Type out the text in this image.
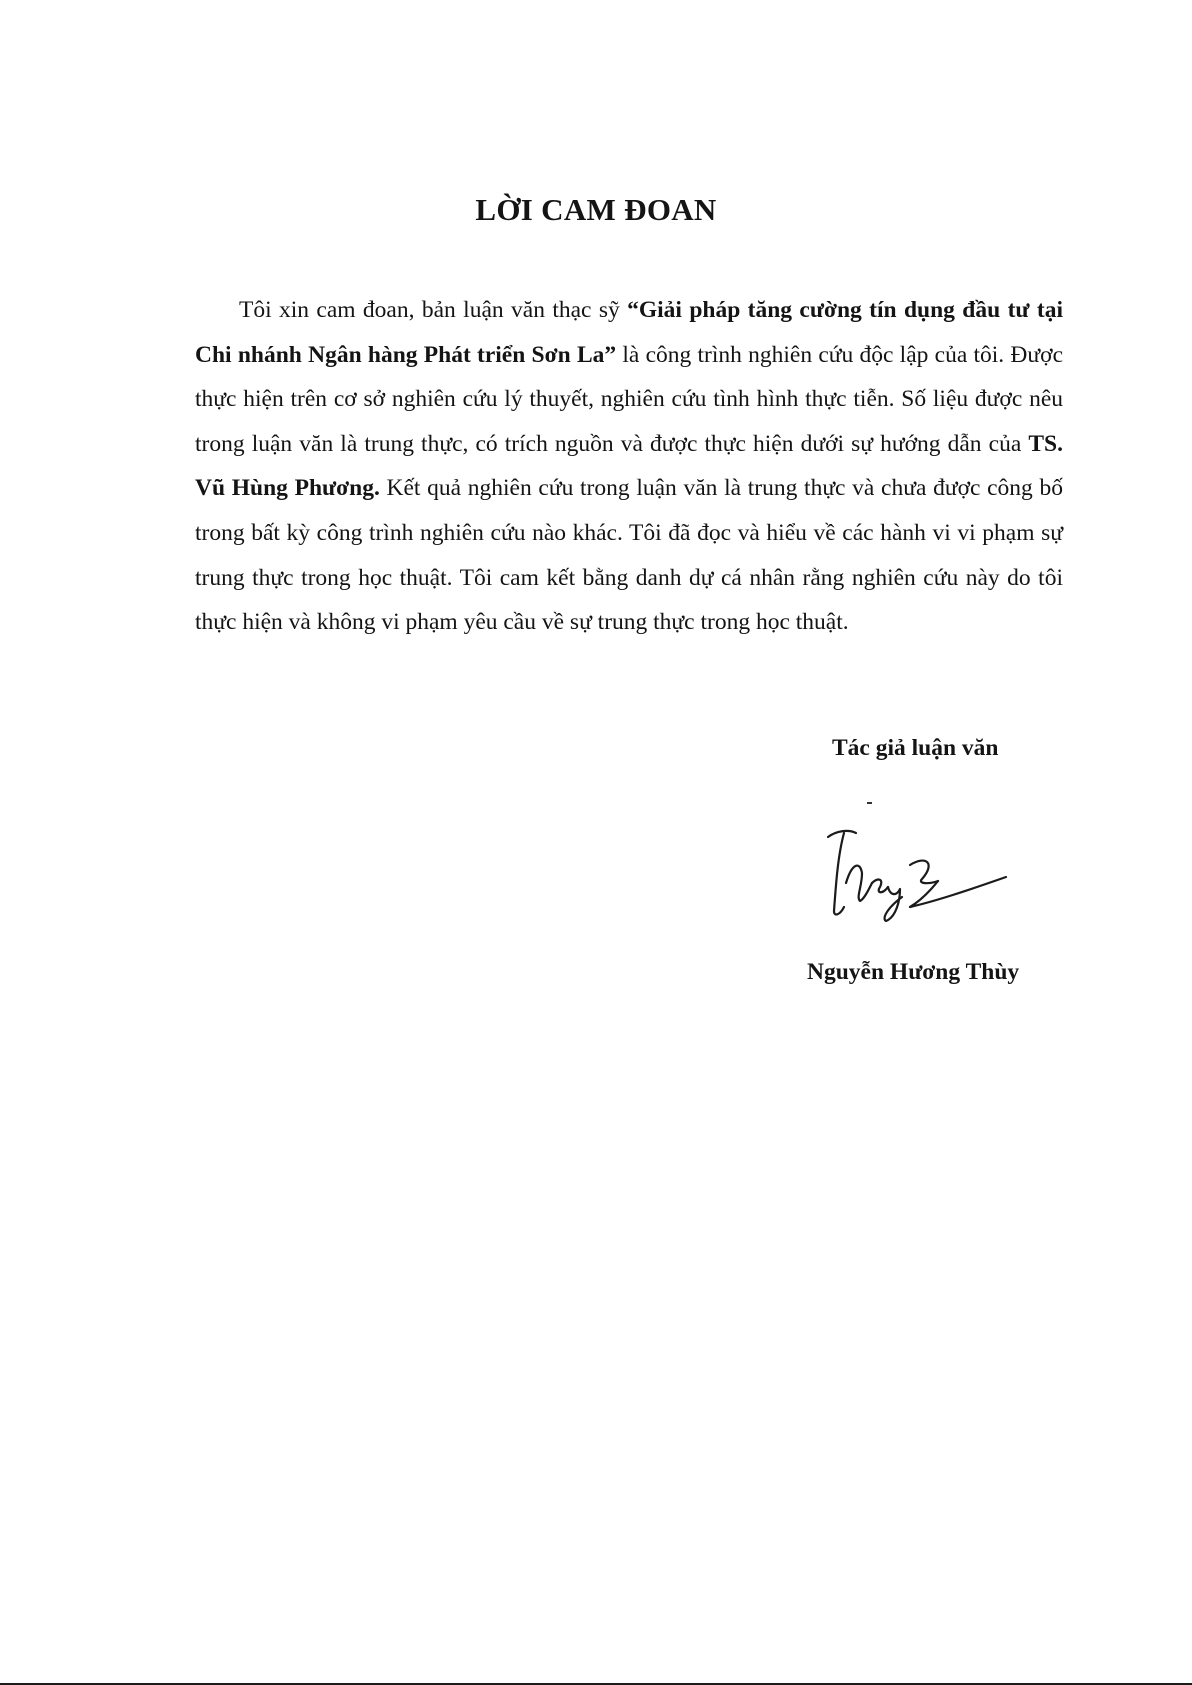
LỜI CAM ĐOAN

Tôi xin cam đoan, bản luận văn thạc sỹ “Giải pháp tăng cường tín dụng đầu tư tại Chi nhánh Ngân hàng Phát triển Sơn La” là công trình nghiên cứu độc lập của tôi. Được thực hiện trên cơ sở nghiên cứu lý thuyết, nghiên cứu tình hình thực tiễn. Số liệu được nêu trong luận văn là trung thực, có trích nguồn và được thực hiện dưới sự hướng dẫn của TS. Vũ Hùng Phương. Kết quả nghiên cứu trong luận văn là trung thực và chưa được công bố trong bất kỳ công trình nghiên cứu nào khác. Tôi đã đọc và hiểu về các hành vi vi phạm sự trung thực trong học thuật. Tôi cam kết bằng danh dự cá nhân rằng nghiên cứu này do tôi thực hiện và không vi phạm yêu cầu về sự trung thực trong học thuật.

Tác giả luận văn
Nguyễn Hương Thùy
